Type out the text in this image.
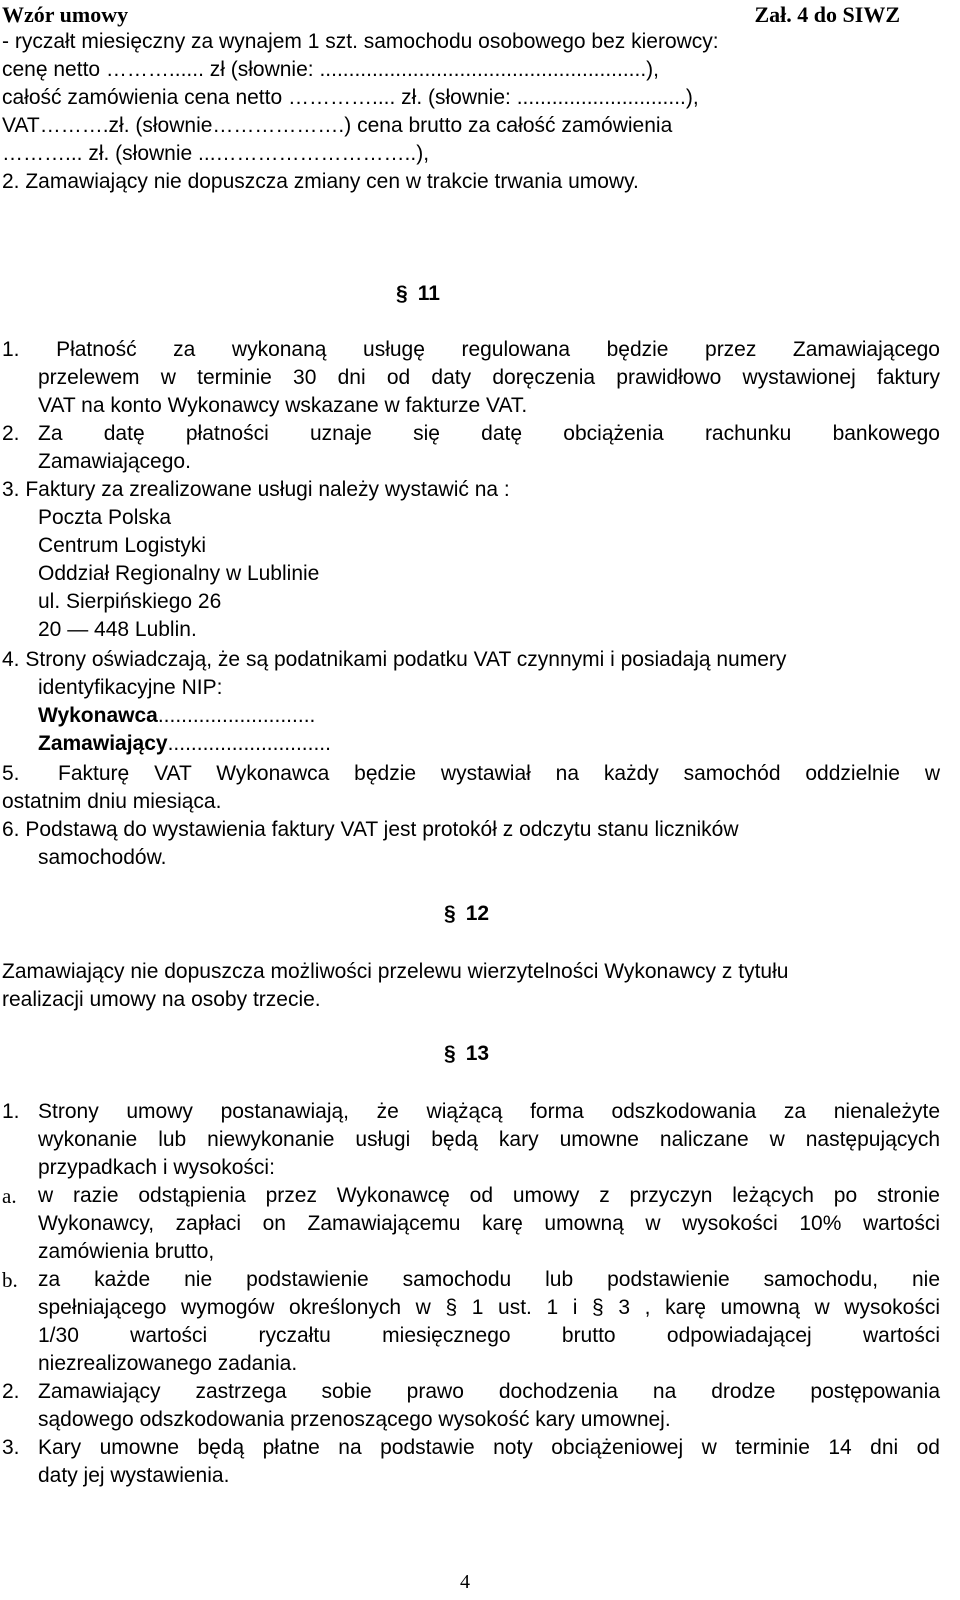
Wzór umowy	Zał. 4 do SIWZ
- ryczałt miesięczny za wynajem 1 szt. samochodu osobowego bez kierowcy:
cenę netto ………...... zł (słownie: ........................................................),
całość zamówienia cena netto ………….... zł. (słownie: .............................),
VAT……….zł. (słownie……………….) cena brutto za całość zamówienia
………... zł. (słownie ...………………………..),
2. Zamawiający nie dopuszcza zmiany cen w trakcie trwania umowy.
§ 11
1. Płatność za wykonaną usługę regulowana będzie przez Zamawiającego
przelewem w terminie 30 dni od daty doręczenia prawidłowo wystawionej faktury
VAT na konto Wykonawcy wskazane w fakturze VAT.
2. Za datę płatności uznaje się datę obciążenia rachunku bankowego
Zamawiającego.
3. Faktury za zrealizowane usługi należy wystawić na :
Poczta Polska
Centrum Logistyki
Oddział Regionalny w Lublinie
ul. Sierpińskiego 26
20 — 448 Lublin.
4. Strony oświadczają, że są podatnikami podatku VAT czynnymi i posiadają numery
identyfikacyjne NIP:
Wykonawca...........................
Zamawiający............................
5. Fakturę VAT Wykonawca będzie wystawiał na każdy samochód oddzielnie w
ostatnim dniu miesiąca.
6. Podstawą do wystawienia faktury VAT jest protokół z odczytu stanu liczników
samochodów.
§ 12
Zamawiający nie dopuszcza możliwości przelewu wierzytelności Wykonawcy z tytułu
realizacji umowy na osoby trzecie.
§ 13
1. Strony umowy postanawiają, że wiążącą forma odszkodowania za nienależyte
wykonanie lub niewykonanie usługi będą kary umowne naliczane w następujących
przypadkach i wysokości:
a. w razie odstąpienia przez Wykonawcę od umowy z przyczyn leżących po stronie
Wykonawcy, zapłaci on Zamawiającemu karę umowną w wysokości 10% wartości
zamówienia brutto,
b. za każde nie podstawienie samochodu lub podstawienie samochodu, nie
spełniającego wymogów określonych w § 1 ust. 1 i § 3 , karę umowną w wysokości
1/30 wartości ryczałtu miesięcznego brutto odpowiadającej wartości
niezrealizowanego zadania.
2. Zamawiający zastrzega sobie prawo dochodzenia na drodze postępowania
sądowego odszkodowania przenoszącego wysokość kary umownej.
3. Kary umowne będą płatne na podstawie noty obciążeniowej w terminie 14 dni od
daty jej wystawienia.
4
